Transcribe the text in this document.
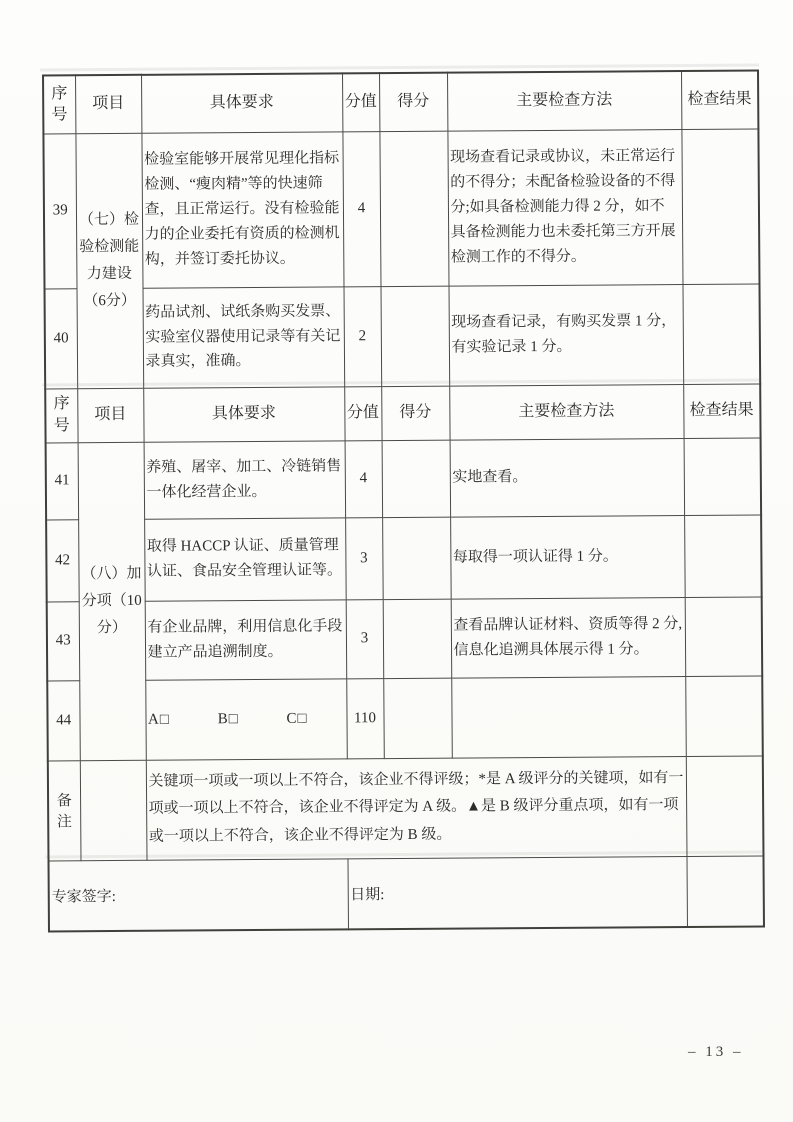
序号	项目	具体要求	分值	得分	主要检查方法	检查结果
39	（七）检验检测能力建设（6分）	检验室能够开展常见理化指标检测、“瘦肉精”等的快速筛查，且正常运行。没有检验能力的企业委托有资质的检测机构，并签订委托协议。	4		现场查看记录或协议，未正常运行的不得分；未配备检验设备的不得分;如具备检测能力得 2 分，如不具备检测能力也未委托第三方开展检测工作的不得分。	
40		药品试剂、试纸条购买发票、实验室仪器使用记录等有关记录真实，准确。	2		现场查看记录，有购买发票 1 分，有实验记录 1 分。	
序号	项目	具体要求	分值	得分	主要检查方法	检查结果
41	（八）加分项（10分）	养殖、屠宰、加工、冷链销售一体化经营企业。	4		实地查看。	
42		取得 HACCP 认证、质量管理认证、食品安全管理认证等。	3		每取得一项认证得 1 分。	
43		有企业品牌，利用信息化手段建立产品追溯制度。	3		查看品牌认证材料、资质等得 2 分,信息化追溯具体展示得 1 分。	
44		A□ B□ C□	110			
备注		关键项一项或一项以上不符合，该企业不得评级；*是 A 级评分的关键项，如有一项或一项以上不符合，该企业不得评定为 A 级。▲是 B 级评分重点项，如有一项或一项以上不符合，该企业不得评定为 B 级。				
专家签字:			日期:			
– 13 –
